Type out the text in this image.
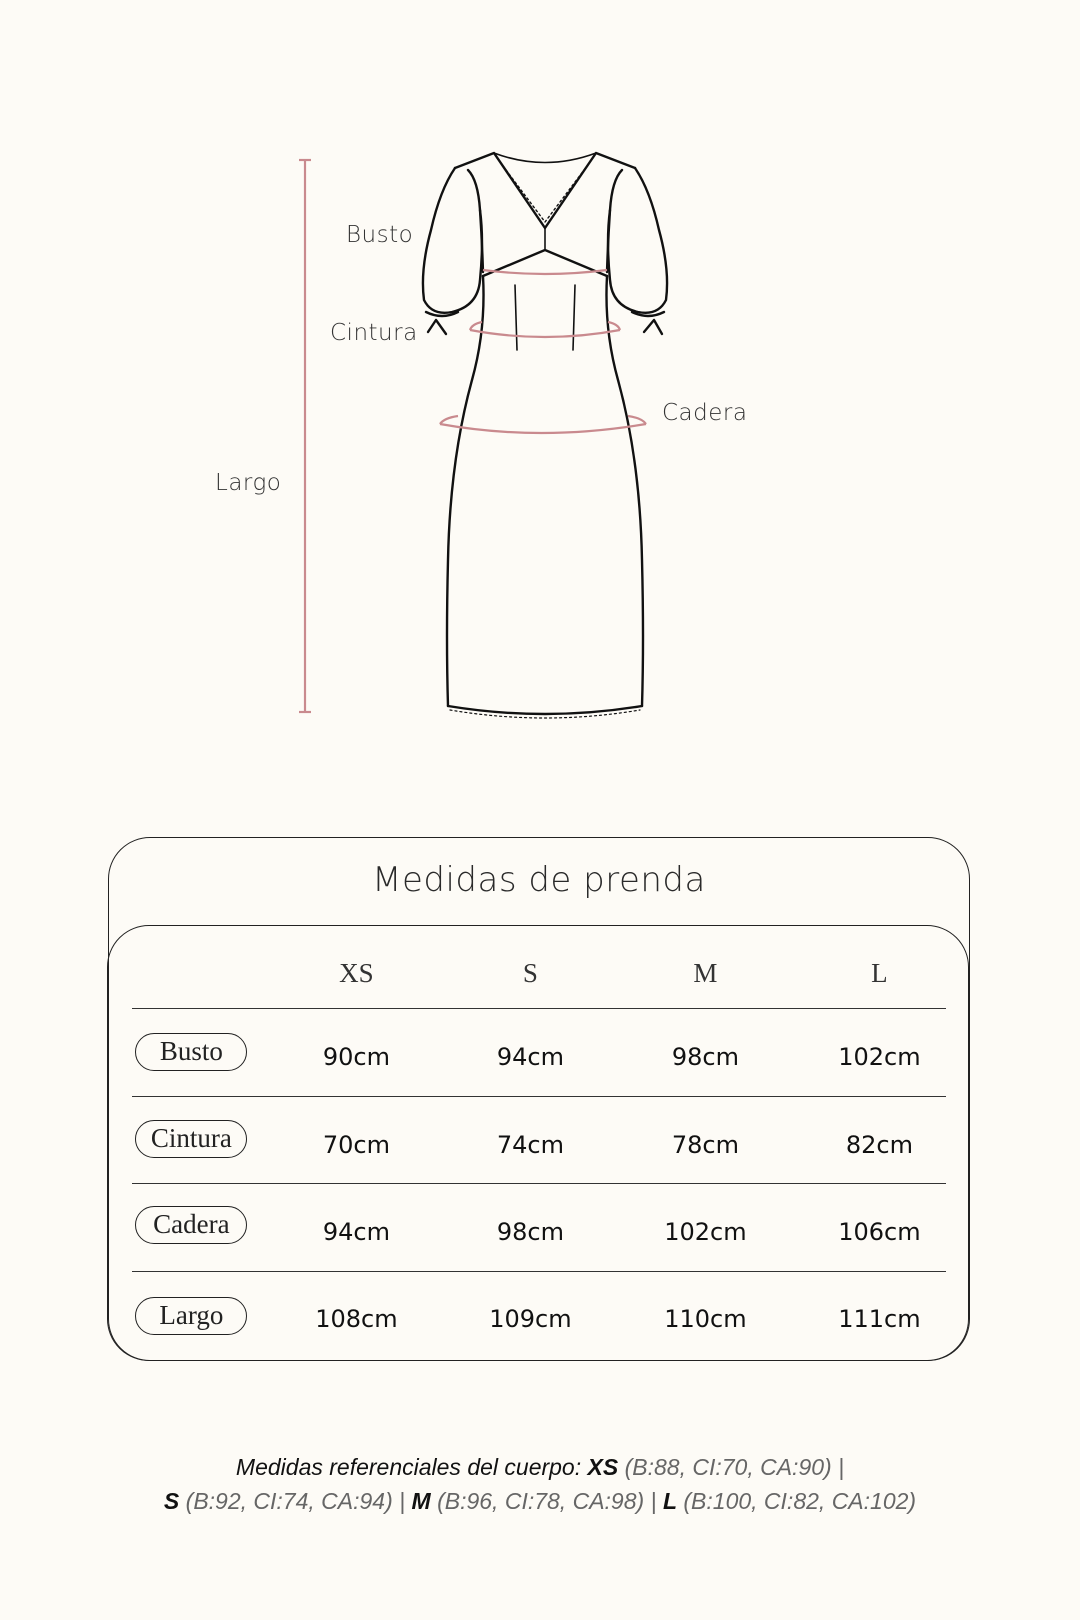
Busto
Cintura
Cadera
Largo
Medidas de prenda
XS	S	M	L
Busto	90cm	94cm	98cm	102cm
Cintura	70cm	74cm	78cm	82cm
Cadera	94cm	98cm	102cm	106cm
Largo	108cm	109cm	110cm	111cm
Medidas referenciales del cuerpo: XS (B:88, CI:70, CA:90) |
S (B:92, CI:74, CA:94) | M (B:96, CI:78, CA:98) | L (B:100, CI:82, CA:102)
